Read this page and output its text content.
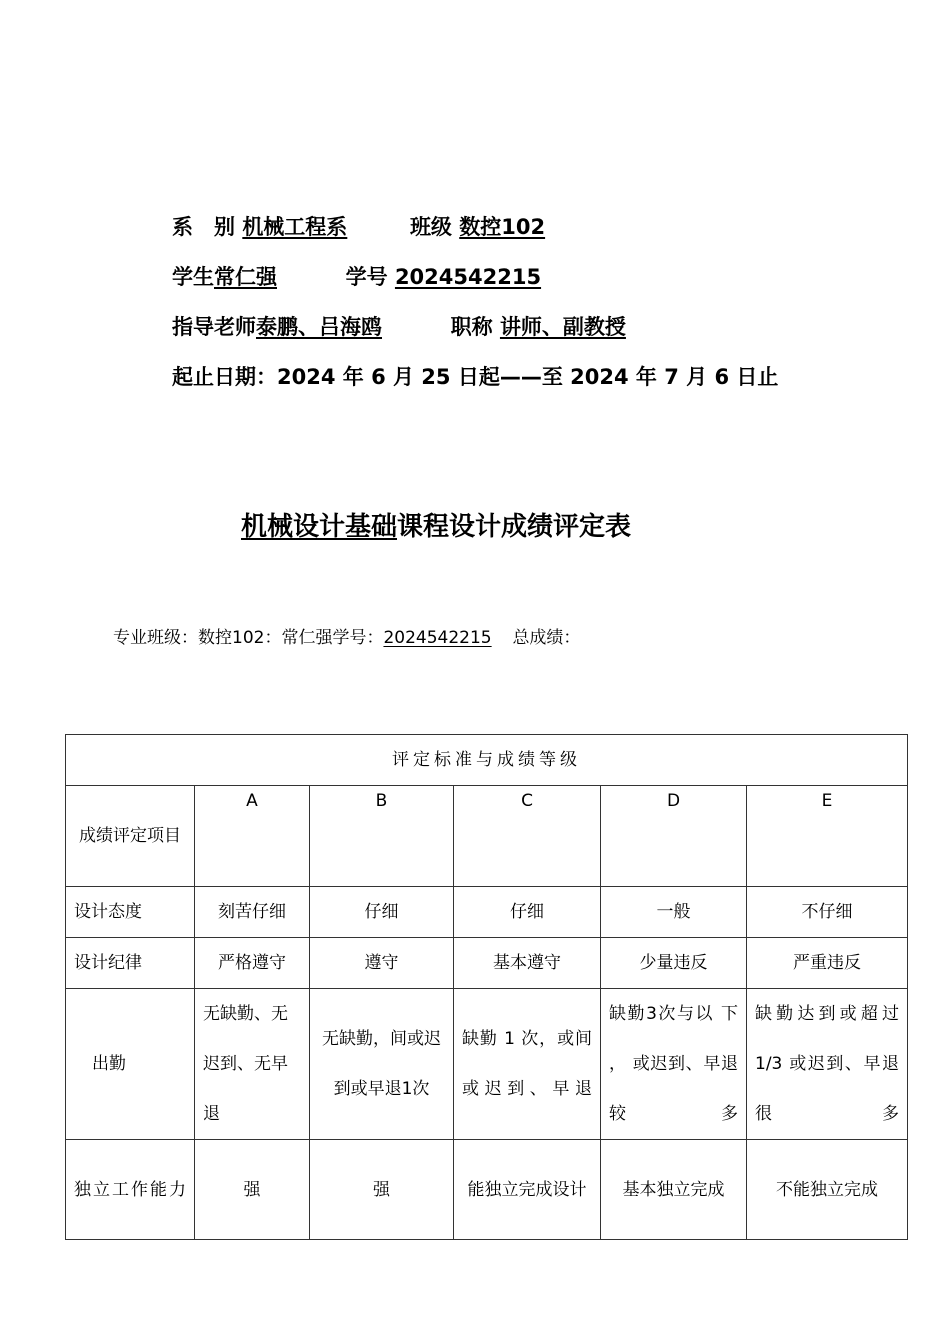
系　别 机械工程系	班级 数控102
学生常仁强	学号 2024542215
指导老师泰鹏、吕海鸥	职称 讲师、副教授
起止日期：2024 年 6 月 25 日起——至 2024 年 7 月 6 日止
机械设计基础课程设计成绩评定表
专业班级：数控102：常仁强学号：2024542215 总成绩：
评定标准与成绩等级					
成绩评定项目	A	B	C	D	E
设计态度	刻苦仔细	仔细	仔细	一般	不仔细
设计纪律	严格遵守	遵守	基本遵守	少量违反	严重违反
出勤	无缺勤、无迟到、无早退	无缺勤，间或迟到或早退1次	缺勤 1 次，或间或迟到、早退	缺勤3次与以 下 ， 或迟到、早退较多	缺勤达到或超过1/3 或迟到、早退很多
独立工作能力	强	强	能独立完成设计	基本独立完成	不能独立完成
